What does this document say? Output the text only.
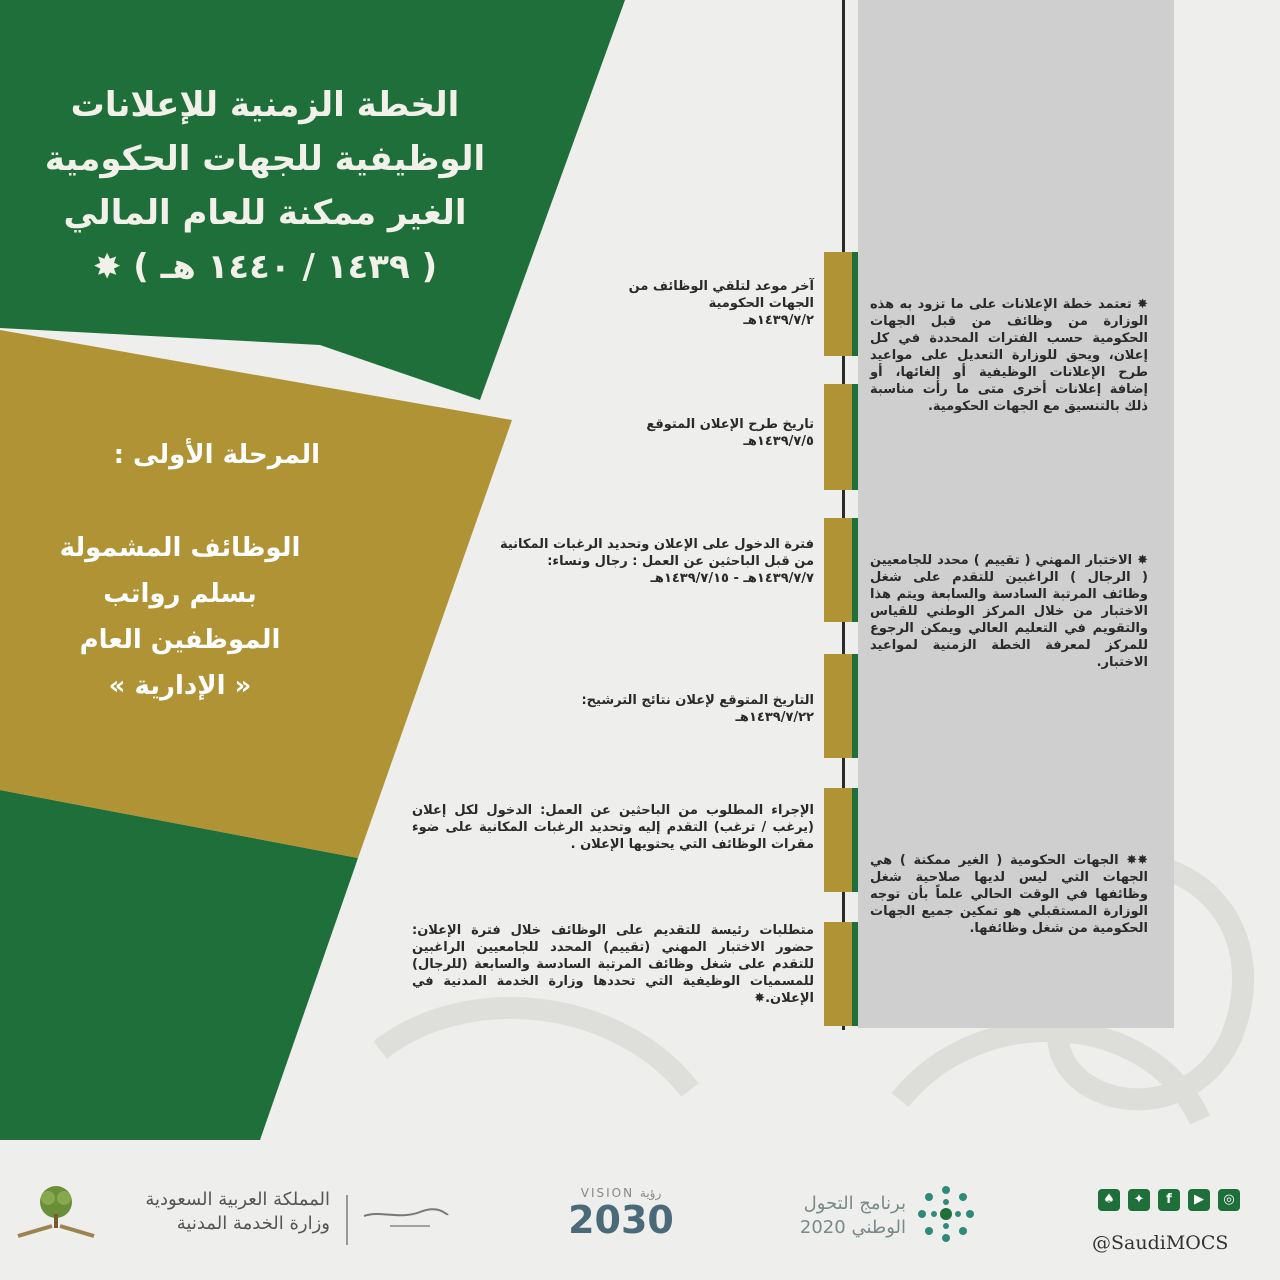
الخطة الزمنية للإعلانات
الوظيفية للجهات الحكومية
الغير ممكنة للعام المالي
( ١٤٣٩ / ١٤٤٠ هـ ) ✸
المرحلة الأولى :
الوظائف المشمولة
بسلم رواتب
الموظفين العام
« الإدارية »
✸ تعتمد خطة الإعلانات على ما تزود به هذه الوزارة من وظائف من قبل الجهات الحكومية حسب الفترات المحددة في كل إعلان، ويحق للوزارة التعديل على مواعيد طرح الإعلانات الوظيفية أو إلغائها، أو إضافة إعلانات أخرى متى ما رأت مناسبة ذلك بالتنسيق مع الجهات الحكومية.
✸ الاختبار المهني ( تقييم ) محدد للجامعيين ( الرجال ) الراغبين للتقدم على شغل وظائف المرتبة السادسة والسابعة ويتم هذا الاختبار من خلال المركز الوطني للقياس والتقويم في التعليم العالي ويمكن الرجوع للمركز لمعرفة الخطة الزمنية لمواعيد الاختبار.
✸✸ الجهات الحكومية ( الغير ممكنة ) هي الجهات التي ليس لديها صلاحية شغل وظائفها في الوقت الحالي علماً بأن توجه الوزارة المستقبلي هو تمكين جميع الجهات الحكومية من شغل وظائفها.
آخر موعد لتلقي الوظائف من الجهات الحكومية
١٤٣٩/٧/٢هـ
تاريخ طرح الإعلان المتوقع
١٤٣٩/٧/٥هـ
فترة الدخول على الإعلان وتحديد الرغبات المكانية من قبل الباحثين عن العمل : رجال ونساء:
١٤٣٩/٧/٧هـ - ١٤٣٩/٧/١٥هـ
التاريخ المتوقع لإعلان نتائج الترشيح:
١٤٣٩/٧/٢٢هـ
الإجراء المطلوب من الباحثين عن العمل: الدخول لكل إعلان (يرغب / ترغب) التقدم إليه وتحديد الرغبات المكانية على ضوء مقرات الوظائف التي يحتويها الإعلان .
متطلبات رئيسة للتقديم على الوظائف خلال فترة الإعلان: حضور الاختبار المهني (تقييم) المحدد للجامعيين الراغبين للتقدم على شغل وظائف المرتبة السادسة والسابعة (للرجال) للمسميات الوظيفية التي تحددها وزارة الخدمة المدنية في الإعلان.✸
المملكة العربية السعودية
وزارة الخدمة المدنية
VISION رؤية
2030	برنامج التحول
الوطني 2020
♠	✦	f	▶	◎
@SaudiMOCS
